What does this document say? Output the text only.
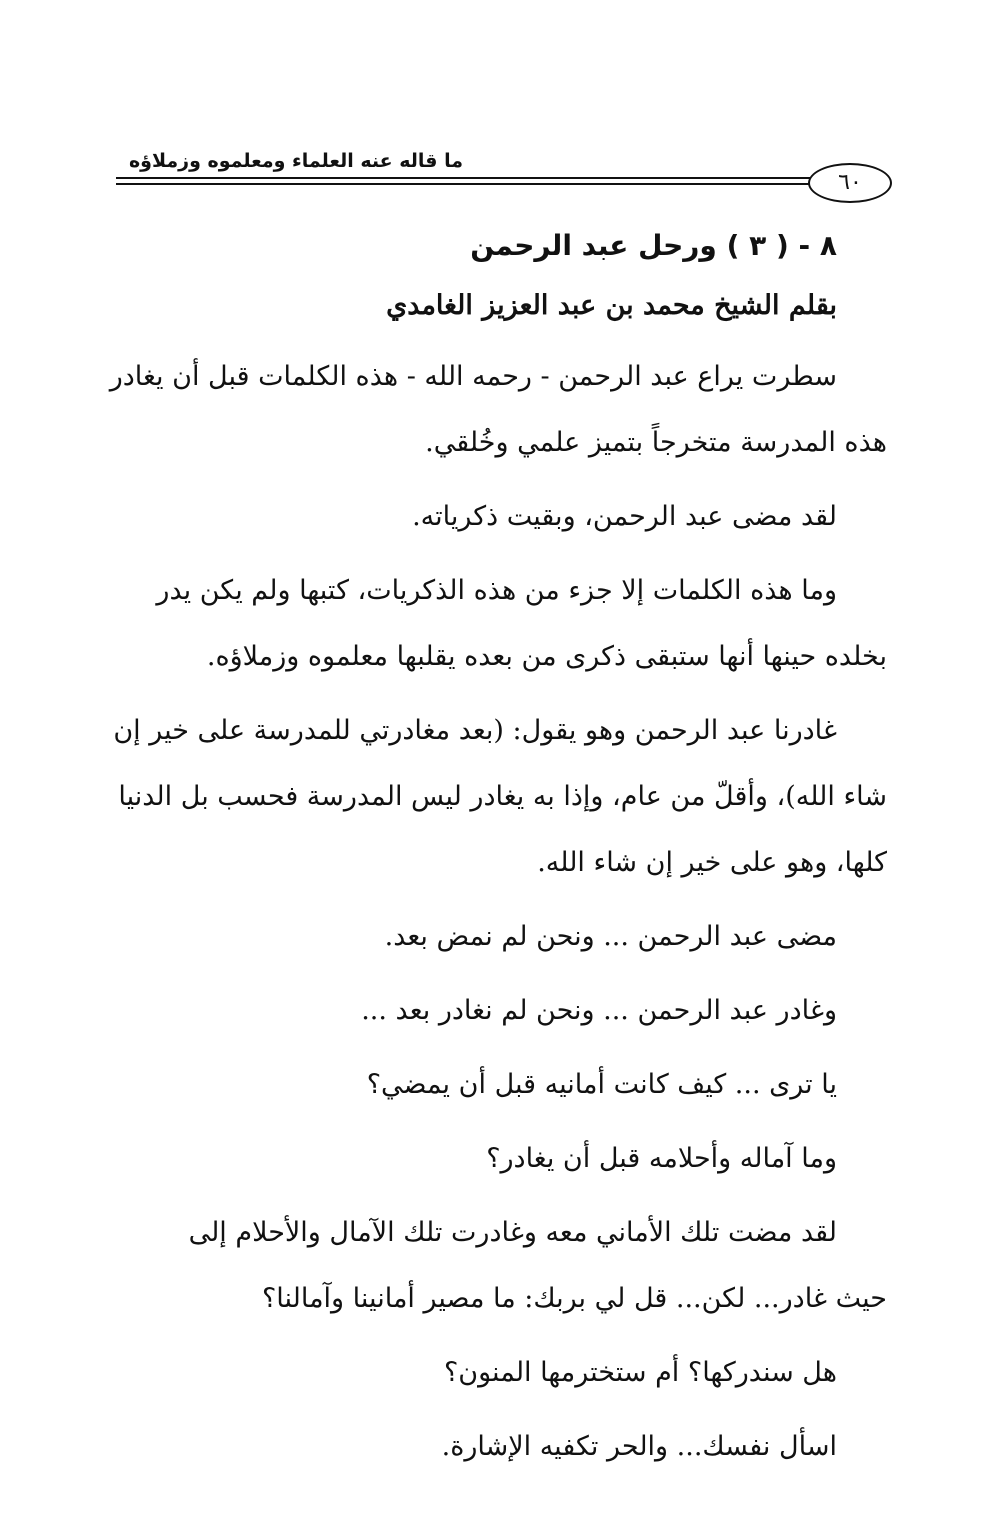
ما قاله عنه العلماء ومعلموه وزملاؤه
٦٠
٨ - ( ٣ ) ورحل عبد الرحمن
بقلم الشيخ محمد بن عبد العزيز الغامدي

سطرت يراع عبد الرحمن - رحمه الله - هذه الكلمات قبل أن يغادر

هذه المدرسة متخرجاً بتميز علمي وخُلقي.

لقد مضى عبد الرحمن، وبقيت ذكرياته.

وما هذه الكلمات إلا جزء من هذه الذكريات، كتبها ولم يكن يدر

بخلده حينها أنها ستبقى ذكرى من بعده يقلبها معلموه وزملاؤه.

غادرنا عبد الرحمن وهو يقول: (بعد مغادرتي للمدرسة على خير إن

شاء الله)، وأقلّ من عام، وإذا به يغادر ليس المدرسة فحسب بل الدنيا

كلها، وهو على خير إن شاء الله.

مضى عبد الرحمن ... ونحن لم نمض بعد.

وغادر عبد الرحمن ... ونحن لم نغادر بعد ...

يا ترى ... كيف كانت أمانيه قبل أن يمضي؟

وما آماله وأحلامه قبل أن يغادر؟

لقد مضت تلك الأماني معه وغادرت تلك الآمال والأحلام إلى

حيث غادر... لكن... قل لي بربك: ما مصير أمانينا وآمالنا؟

هل سندركها؟ أم ستخترمها المنون؟

اسأل نفسك... والحر تكفيه الإشارة.
